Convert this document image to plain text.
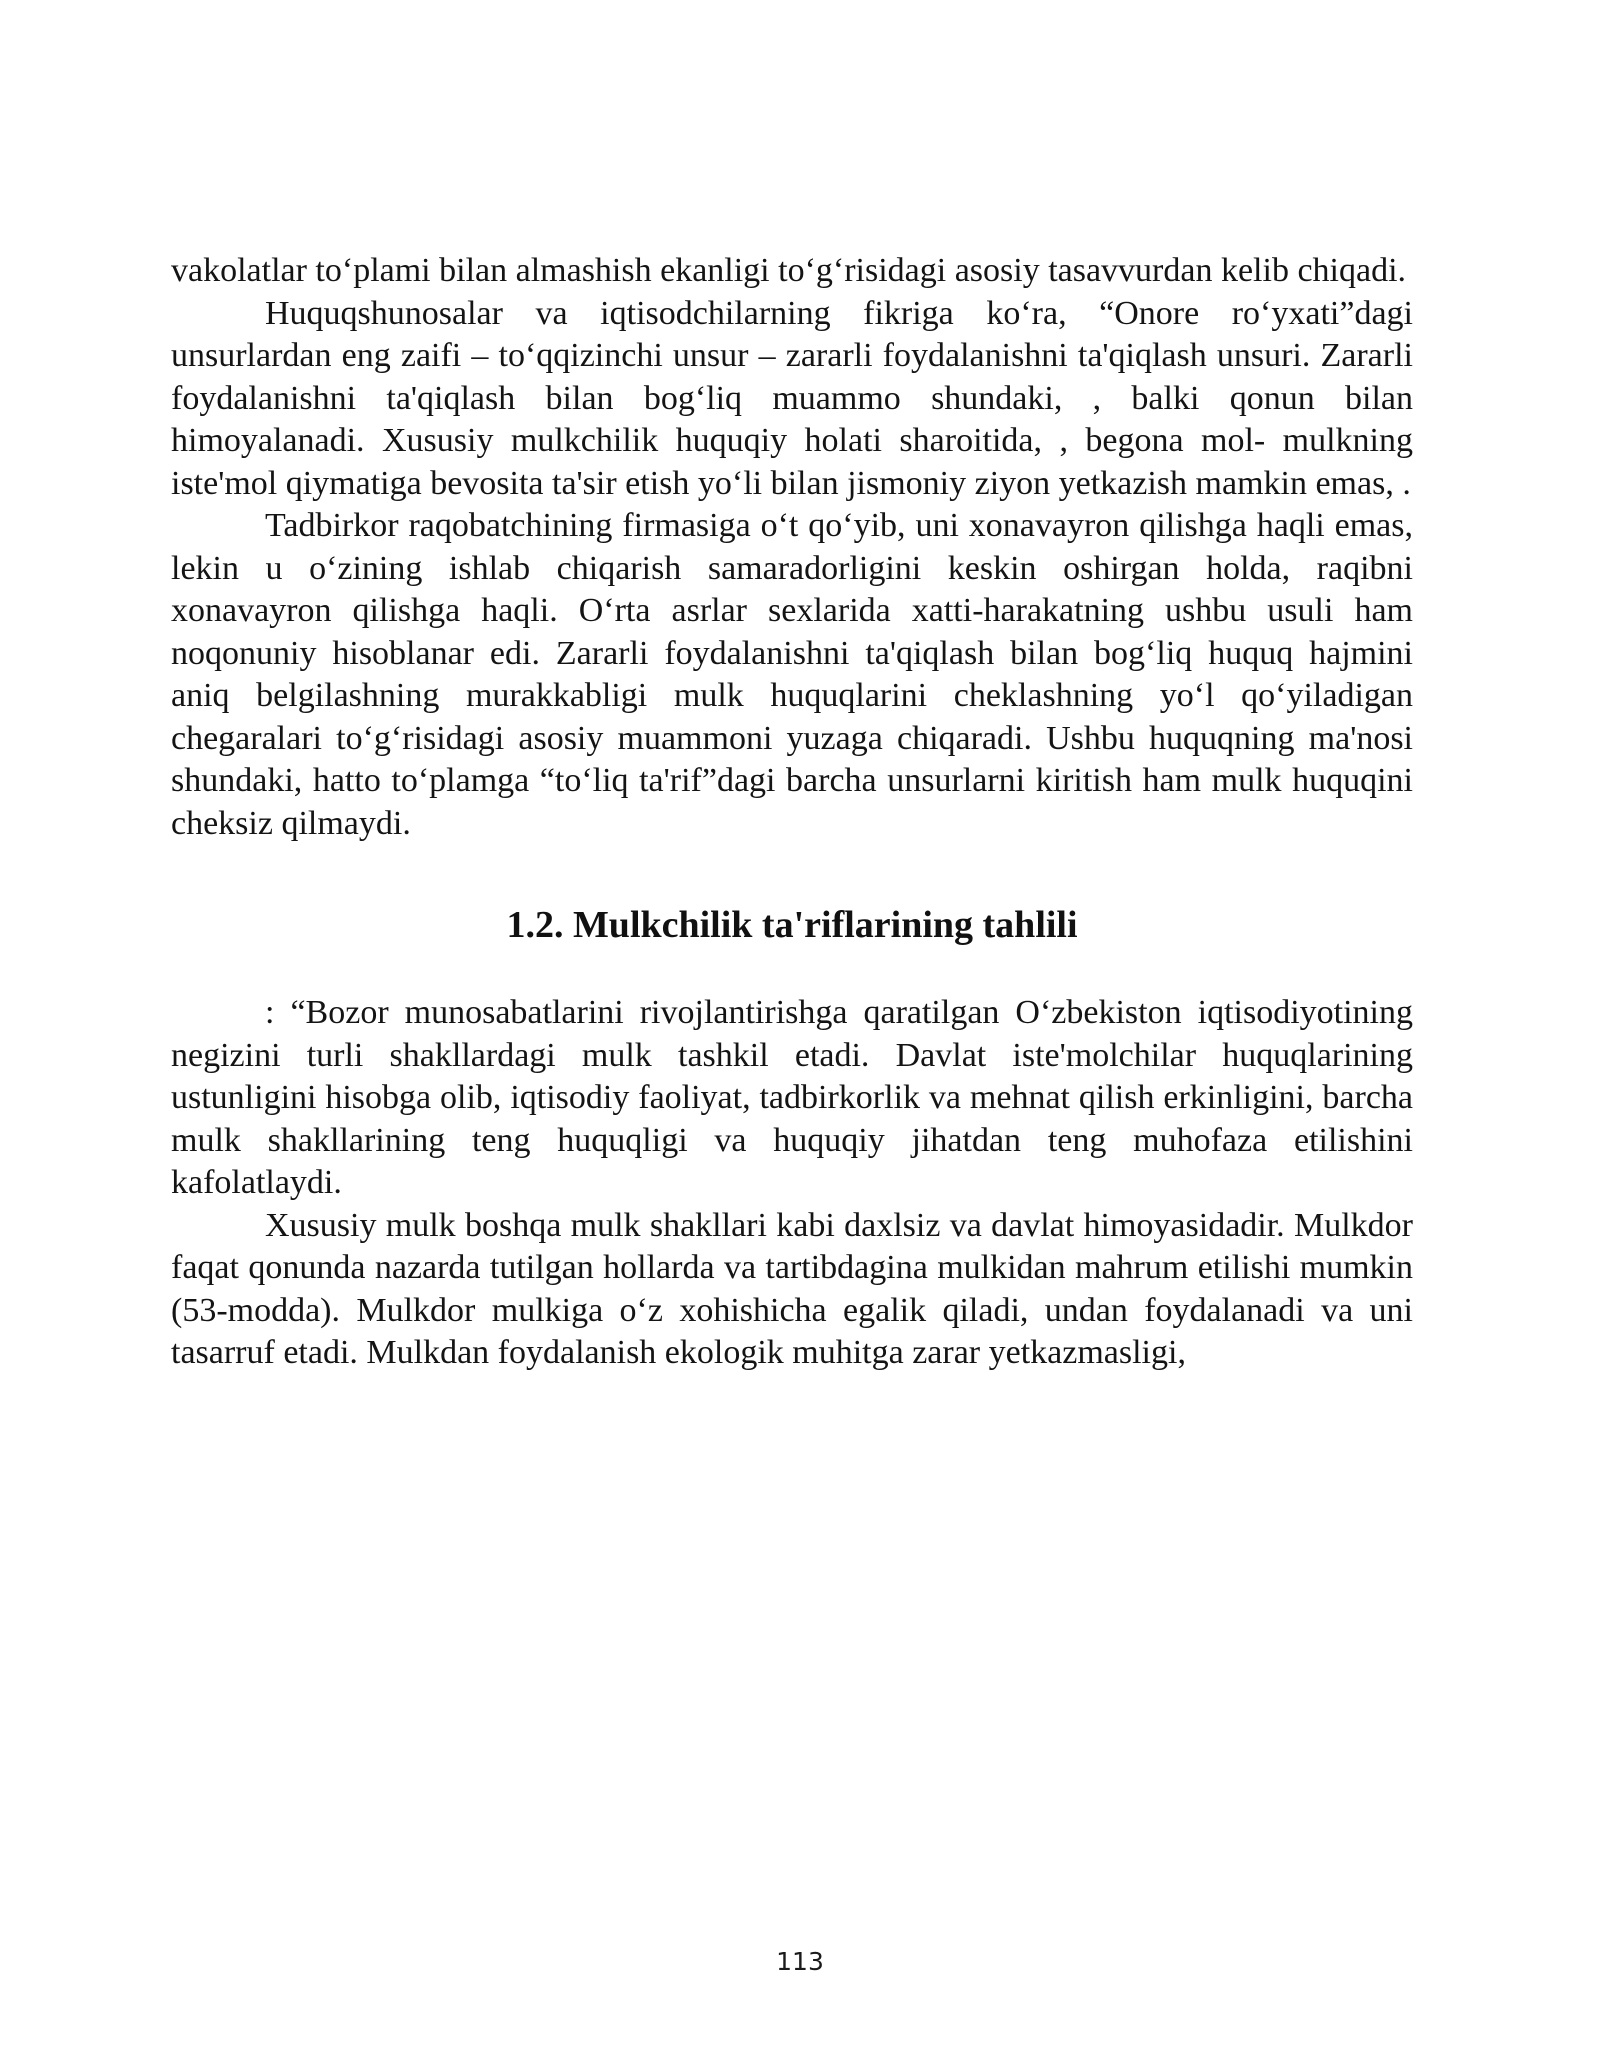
vakolatlar to‘plami bilan almashish ekanligi to‘g‘risidagi asosiy tasavvurdan kelib chiqadi.

Huquqshunosalar va iqtisodchilarning fikriga ko‘ra, “Onore ro‘yxati”dagi unsurlardan eng zaifi – to‘qqizinchi unsur – zararli foydalanishni ta'qiqlash unsuri. Zararli foydalanishni ta'qiqlash bilan bog‘liq muammo shundaki, , balki qonun bilan himoyalanadi. Xususiy mulkchilik huquqiy holati sharoitida, , begona mol- mulkning iste'mol qiymatiga bevosita ta'sir etish yo‘li bilan jismoniy ziyon yetkazish mamkin emas, .

Tadbirkor raqobatchining firmasiga o‘t qo‘yib, uni xonavayron qilishga haqli emas, lekin u o‘zining ishlab chiqarish samaradorligini keskin oshirgan holda, raqibni xonavayron qilishga haqli. O‘rta asrlar sexlarida xatti-harakatning ushbu usuli ham noqonuniy hisoblanar edi. Zararli foydalanishni ta'qiqlash bilan bog‘liq huquq hajmini aniq belgilashning murakkabligi mulk huquqlarini cheklashning yo‘l qo‘yiladigan chegaralari to‘g‘risidagi asosiy muammoni yuzaga chiqaradi. Ushbu huquqning ma'nosi shundaki, hatto to‘plamga “to‘liq ta'rif”dagi barcha unsurlarni kiritish ham mulk huquqini cheksiz qilmaydi.

1.2. Mulkchilik ta'riflarining tahlili

: “Bozor munosabatlarini rivojlantirishga qaratilgan O‘zbekiston iqtisodiyotining negizini turli shakllardagi mulk tashkil etadi. Davlat iste'molchilar huquqlarining ustunligini hisobga olib, iqtisodiy faoliyat, tadbirkorlik va mehnat qilish erkinligini, barcha mulk shakllarining teng huquqligi va huquqiy jihatdan teng muhofaza etilishini kafolatlaydi.

Xususiy mulk boshqa mulk shakllari kabi daxlsiz va davlat himoyasidadir. Mulkdor faqat qonunda nazarda tutilgan hollarda va tartibdagina mulkidan mahrum etilishi mumkin (53-modda). Mulkdor mulkiga o‘z xohishicha egalik qiladi, undan foydalanadi va uni tasarruf etadi. Mulkdan foydalanish ekologik muhitga zarar yetkazmasligi,

113
